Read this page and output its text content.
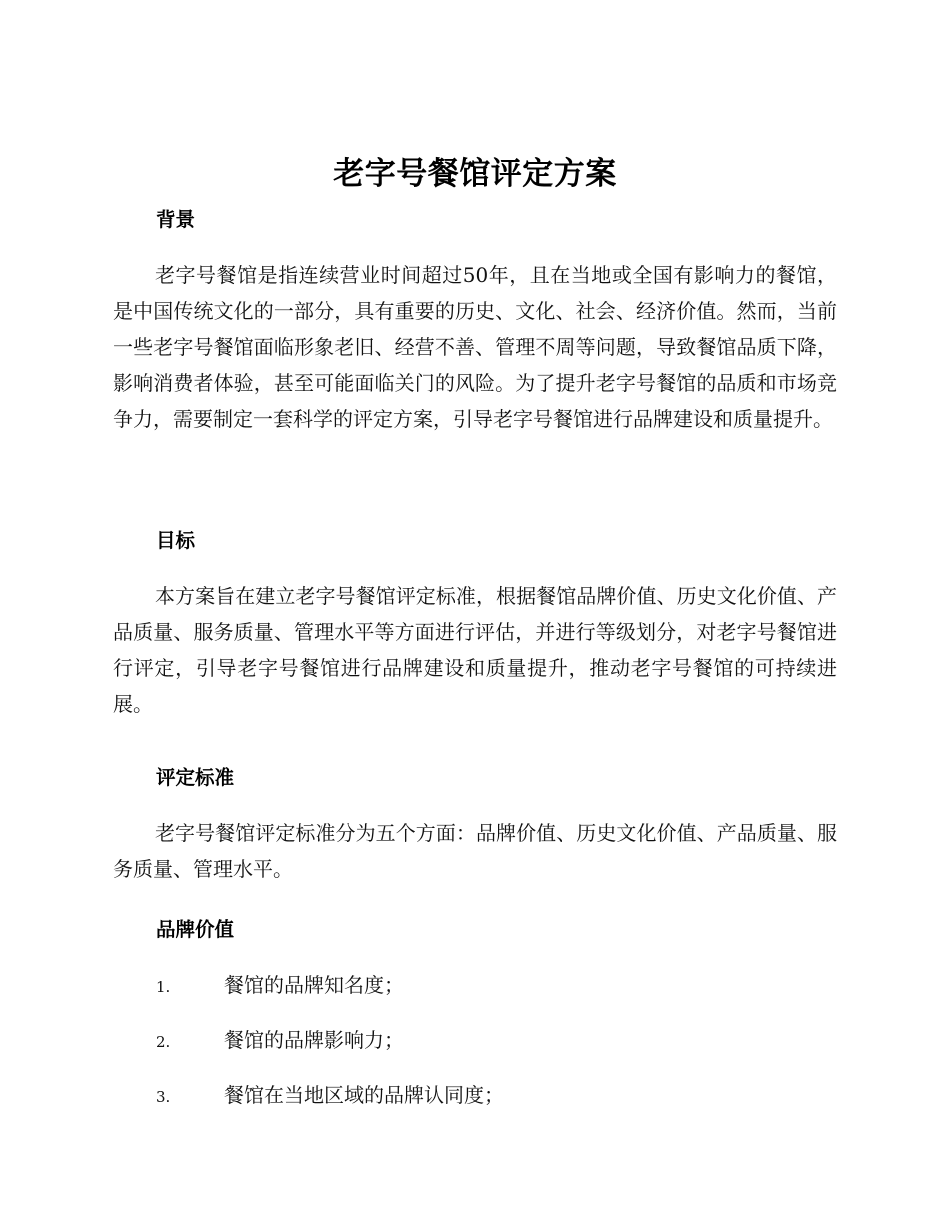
老字号餐馆评定方案
背景
老字号餐馆是指连续营业时间超过50年，且在当地或全国有影响力的餐馆，是中国传统文化的一部分，具有重要的历史、文化、社会、经济价值。然而，当前一些老字号餐馆面临形象老旧、经营不善、管理不周等问题，导致餐馆品质下降，影响消费者体验，甚至可能面临关门的风险。为了提升老字号餐馆的品质和市场竞争力，需要制定一套科学的评定方案，引导老字号餐馆进行品牌建设和质量提升。
目标
本方案旨在建立老字号餐馆评定标准，根据餐馆品牌价值、历史文化价值、产品质量、服务质量、管理水平等方面进行评估，并进行等级划分，对老字号餐馆进行评定，引导老字号餐馆进行品牌建设和质量提升，推动老字号餐馆的可持续进展。
评定标准
老字号餐馆评定标准分为五个方面：品牌价值、历史文化价值、产品质量、服务质量、管理水平。
品牌价值
1.	餐馆的品牌知名度；
2.	餐馆的品牌影响力；
3.	餐馆在当地区域的品牌认同度；
